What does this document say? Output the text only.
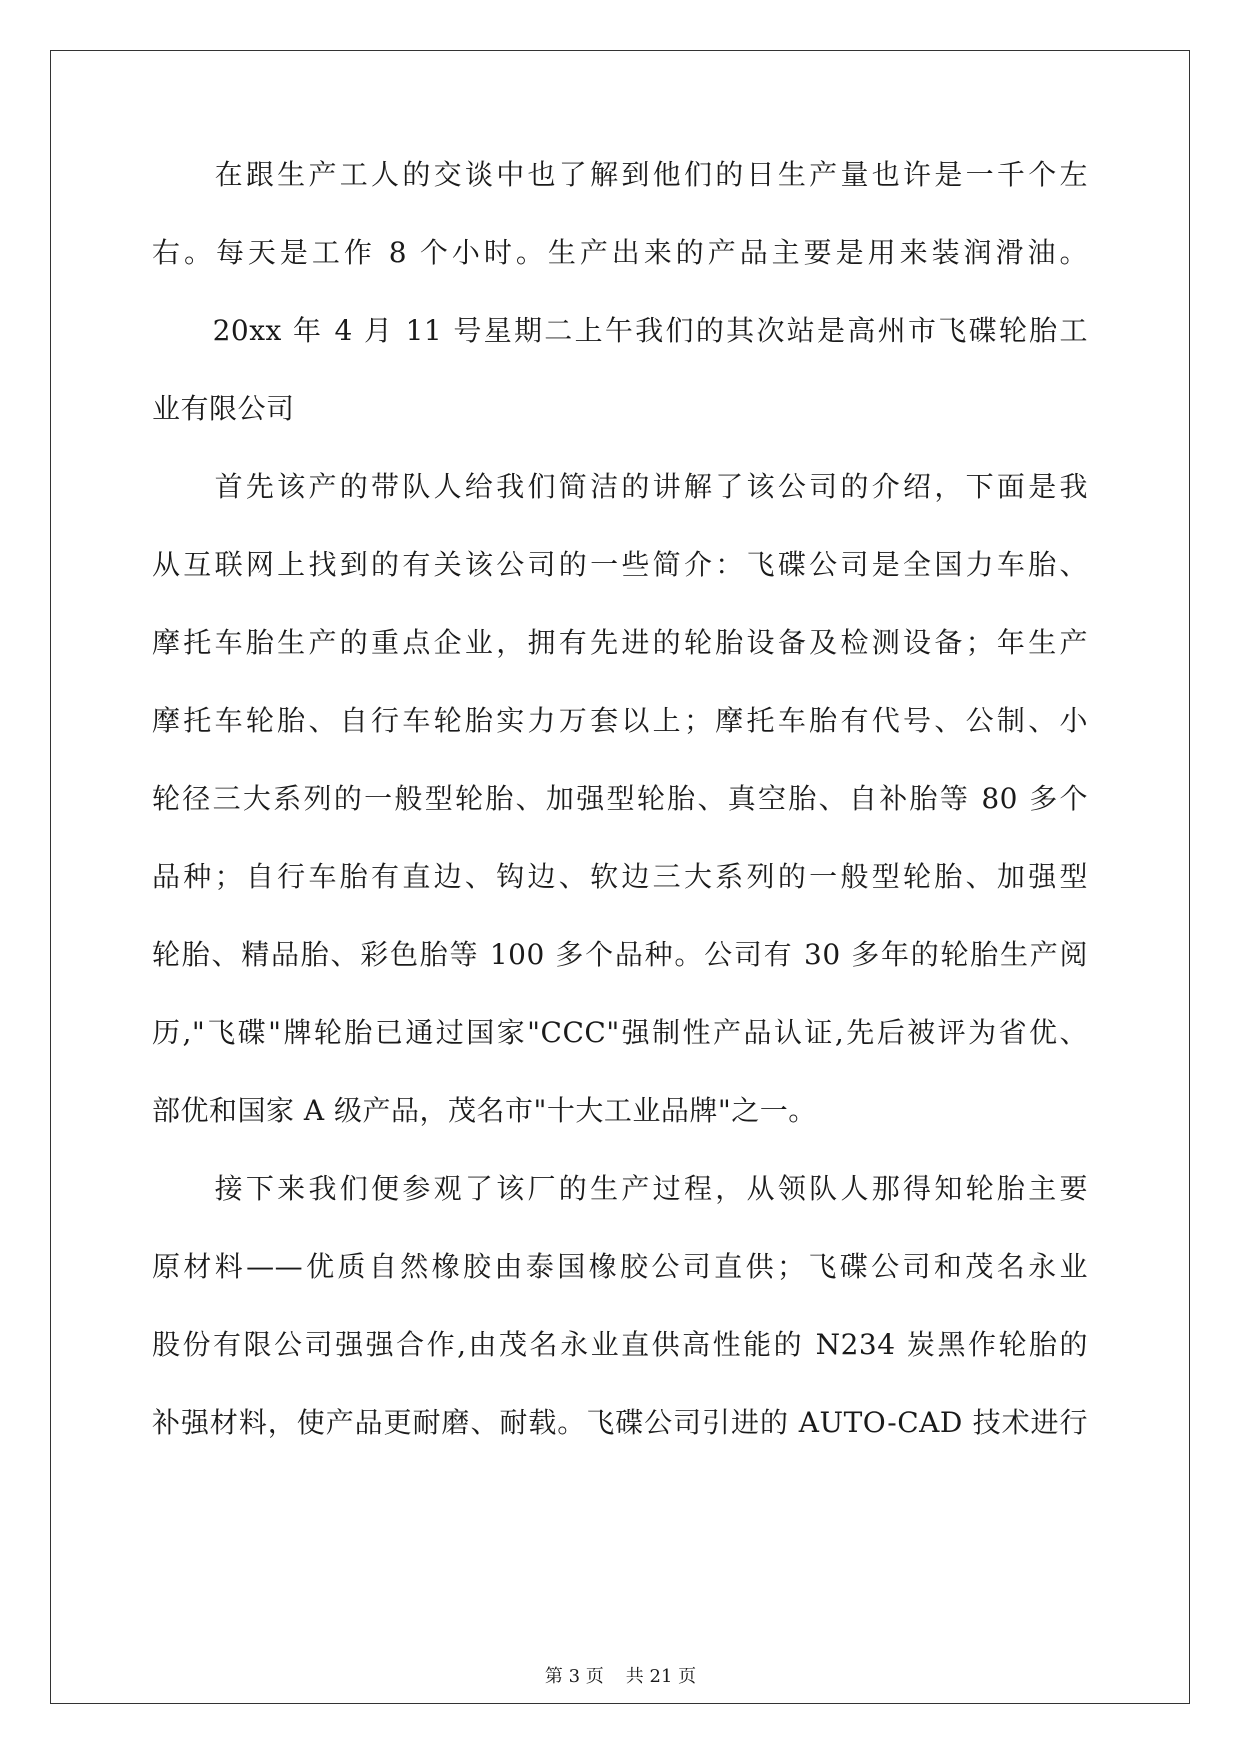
　　在跟生产工人的交谈中也了解到他们的日生产量也许是一千个左

右。每天是工作 8 个小时。生产出来的产品主要是用来装润滑油。

　　20xx 年 4 月 11 号星期二上午我们的其次站是高州市飞碟轮胎工

业有限公司

　　首先该产的带队人给我们简洁的讲解了该公司的介绍，下面是我

从互联网上找到的有关该公司的一些简介：飞碟公司是全国力车胎、

摩托车胎生产的重点企业，拥有先进的轮胎设备及检测设备；年生产

摩托车轮胎、自行车轮胎实力万套以上；摩托车胎有代号、公制、小

轮径三大系列的一般型轮胎、加强型轮胎、真空胎、自补胎等 80 多个

品种；自行车胎有直边、钩边、软边三大系列的一般型轮胎、加强型

轮胎、精品胎、彩色胎等 100 多个品种。公司有 30 多年的轮胎生产阅

历,"飞碟"牌轮胎已通过国家"CCC"强制性产品认证,先后被评为省优、

部优和国家 A 级产品，茂名市"十大工业品牌"之一。

　　接下来我们便参观了该厂的生产过程，从领队人那得知轮胎主要

原材料——优质自然橡胶由泰国橡胶公司直供；飞碟公司和茂名永业

股份有限公司强强合作,由茂名永业直供高性能的 N234 炭黑作轮胎的

补强材料，使产品更耐磨、耐载。飞碟公司引进的 AUTO-CAD 技术进行

第 3 页 共 21 页
